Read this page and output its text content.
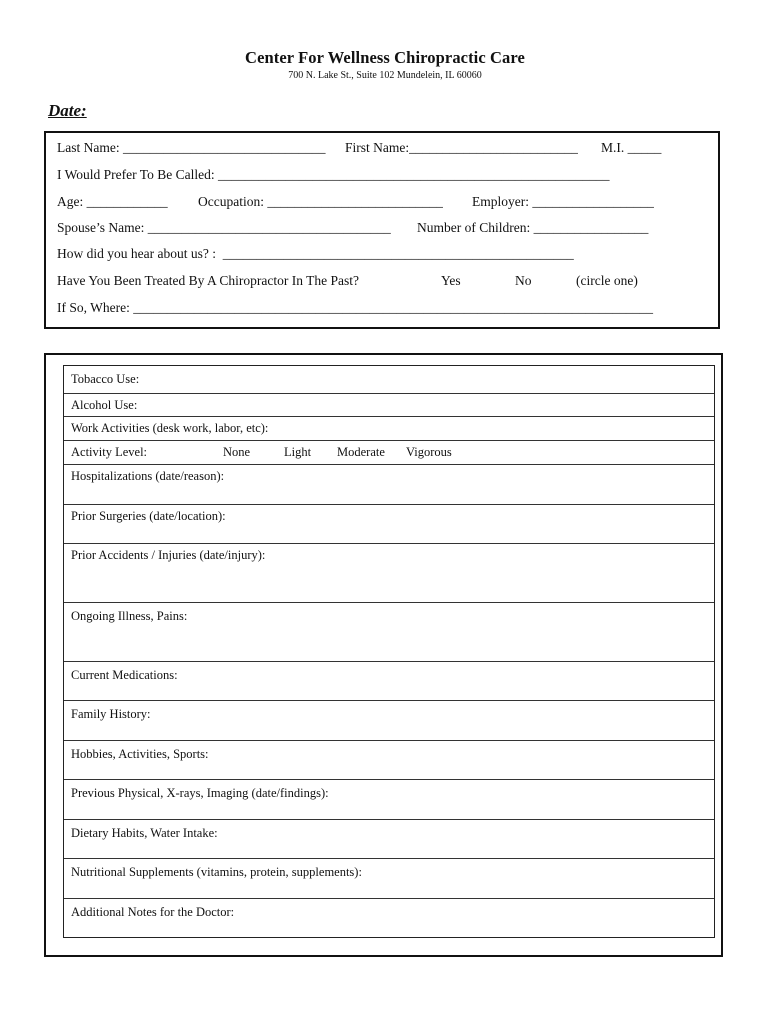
Center For Wellness Chiropractic Care
700 N. Lake St., Suite 102 Mundelein, IL 60060
Date:
Last Name: ______________________________ First Name:_________________________ M.I. _____
I Would Prefer To Be Called: __________________________________________________________
Age: ____________ Occupation: __________________________ Employer: __________________
Spouse’s Name: ____________________________________ Number of Children: _________________
How did you hear about us? :  ____________________________________________________
Have You Been Treated By A Chiropractor In The Past?	Yes	No	(circle one)
If So, Where: _____________________________________________________________________________
Tobacco Use:
Alcohol Use:
Work Activities (desk work, labor, etc):
Activity Level:	None	Light Moderate Vigorous
Hospitalizations (date/reason):
Prior Surgeries (date/location):
Prior Accidents / Injuries (date/injury):
Ongoing Illness, Pains:
Current Medications:
Family History:
Hobbies, Activities, Sports:
Previous Physical, X-rays, Imaging (date/findings):
Dietary Habits, Water Intake:
Nutritional Supplements (vitamins, protein, supplements):
Additional Notes for the Doctor:
